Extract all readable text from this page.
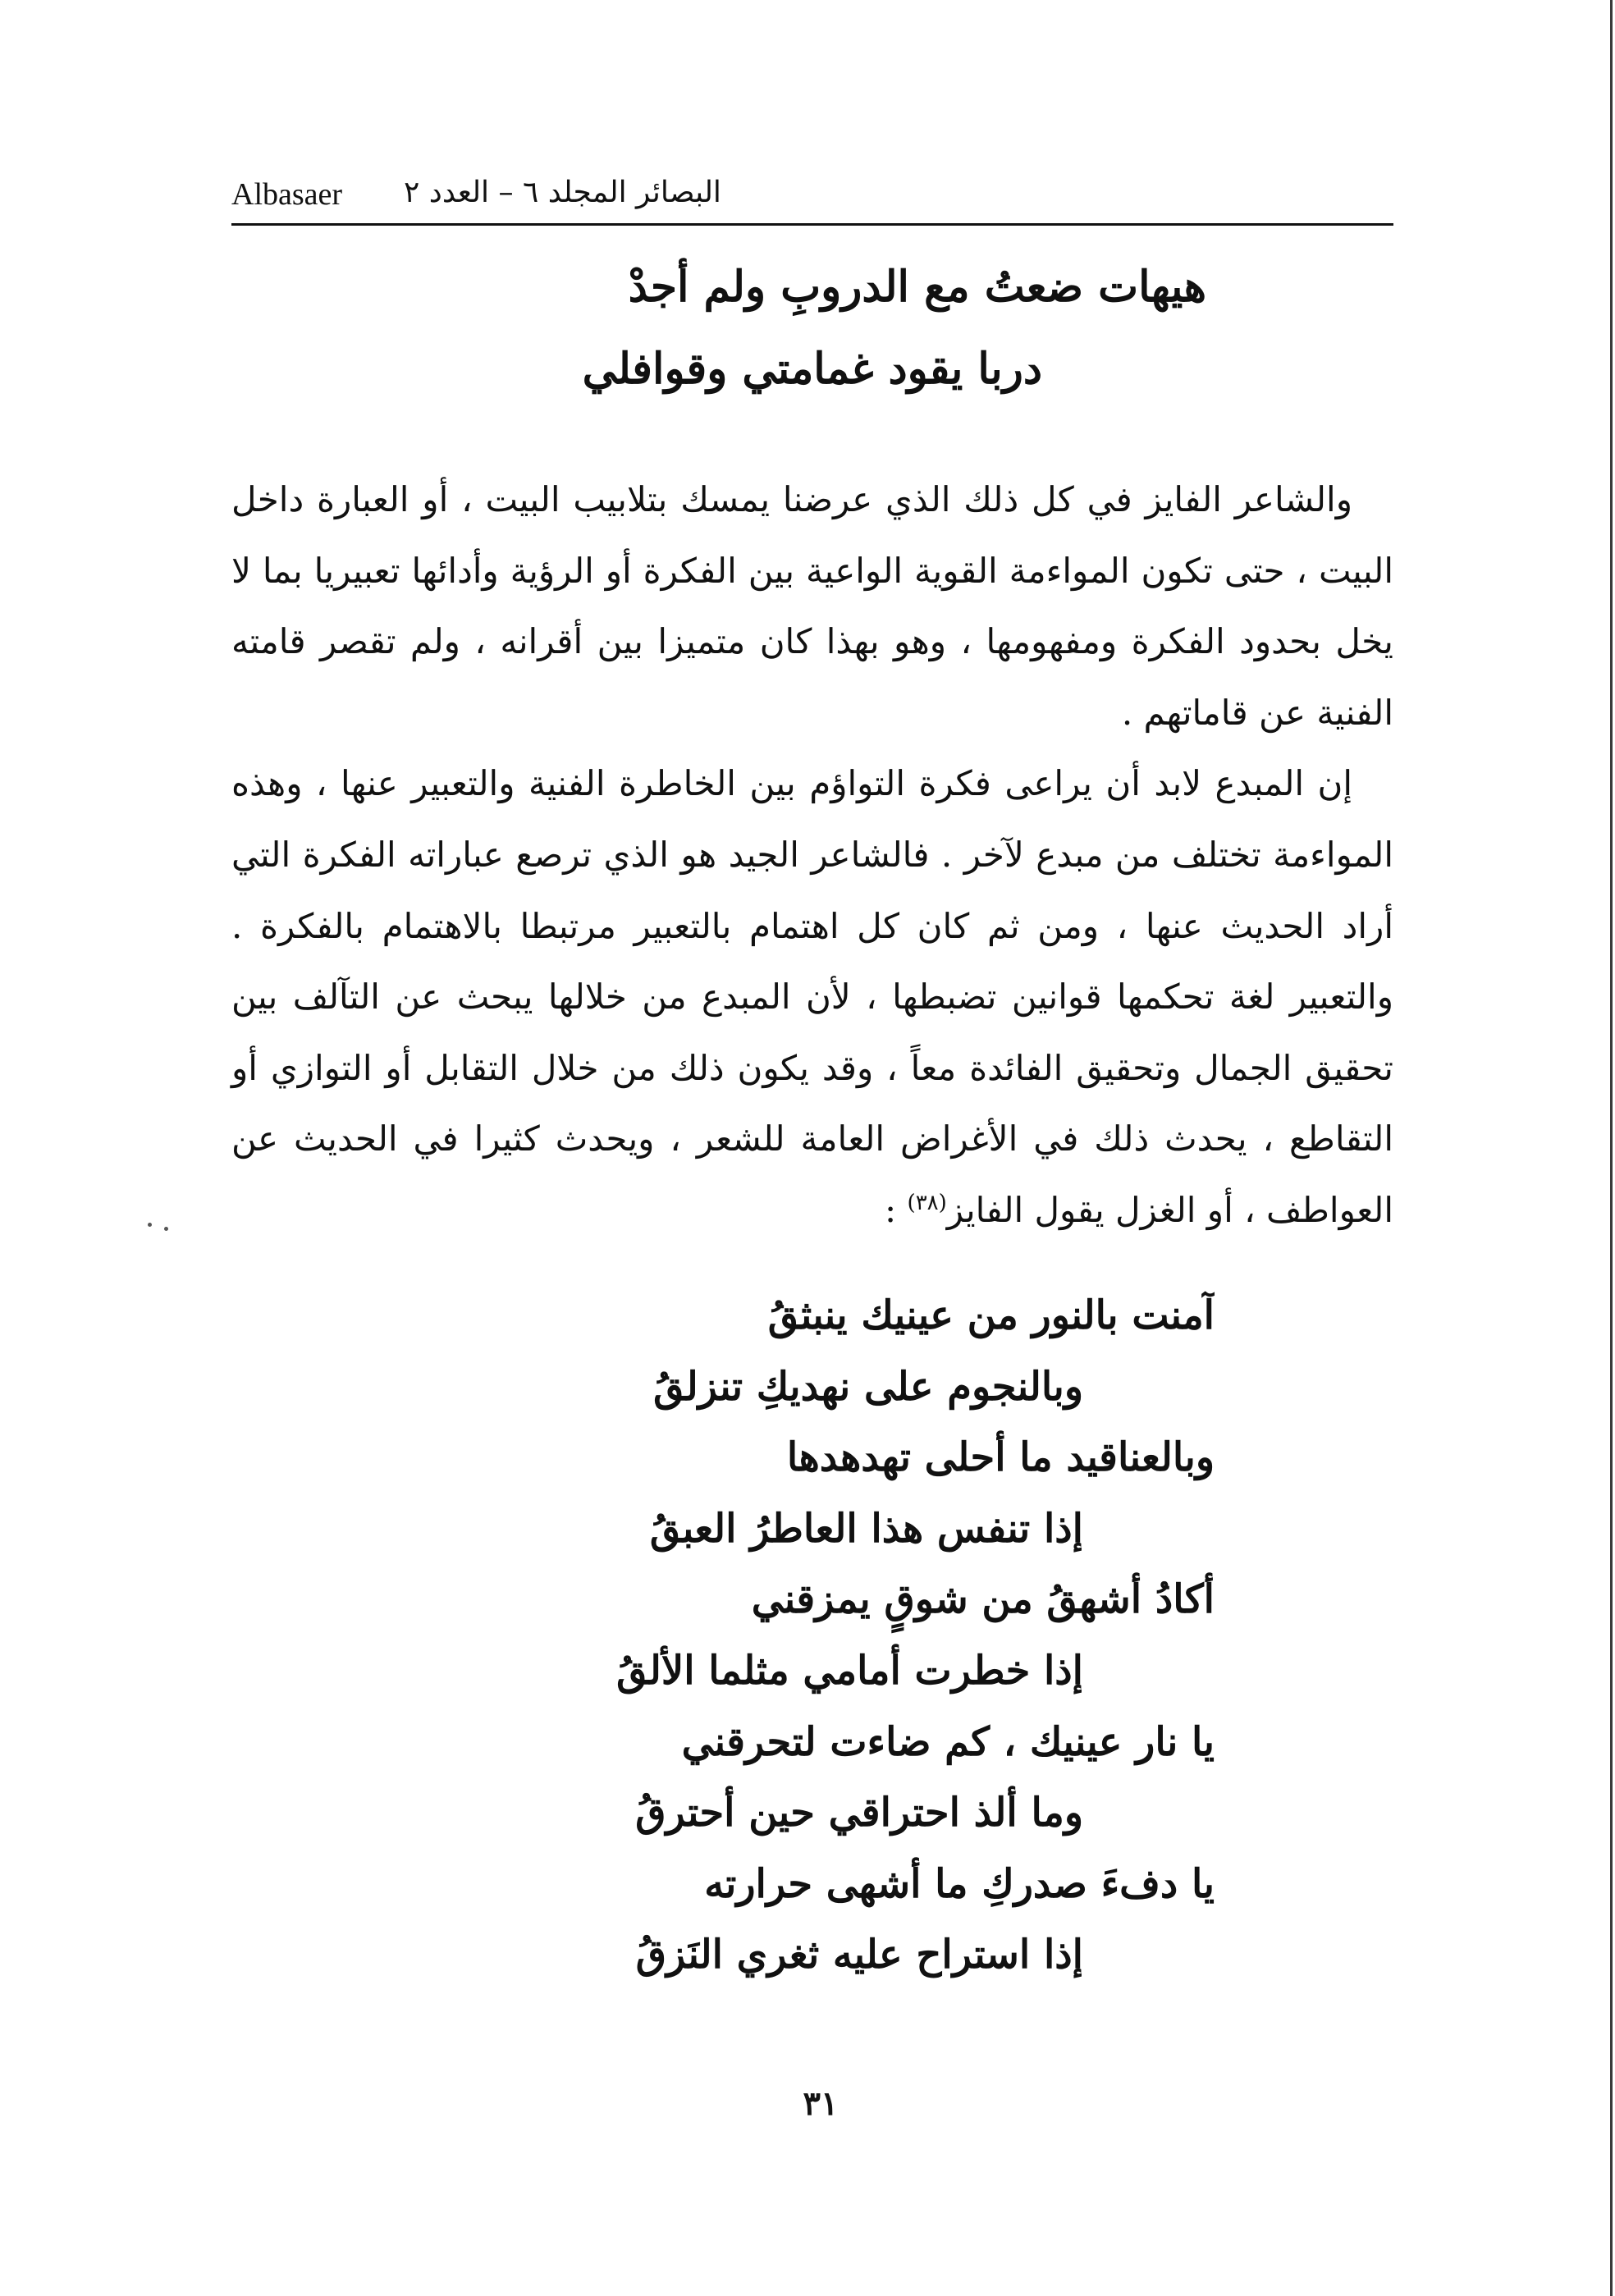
Albasaer البصائر المجلد ٦ – العدد ٢
هيهات ضعتُ مع الدروبِ ولم أجدْ
دربا يقود غمامتي وقوافلي

والشاعر الفايز في كل ذلك الذي عرضنا يمسك بتلابيب البيت ، أو العبارة داخل البيت ، حتى تكون المواءمة القوية الواعية بين الفكرة أو الرؤية وأدائها تعبيريا بما لا يخل بحدود الفكرة ومفهومها ، وهو بهذا كان متميزا بين أقرانه ، ولم تقصر قامته الفنية عن قاماتهم .

إن المبدع لابد أن يراعى فكرة التواؤم بين الخاطرة الفنية والتعبير عنها ، وهذه المواءمة تختلف من مبدع لآخر . فالشاعر الجيد هو الذي ترصع عباراته الفكرة التي أراد الحديث عنها ، ومن ثم كان كل اهتمام بالتعبير مرتبطا بالاهتمام بالفكرة . والتعبير لغة تحكمها قوانين تضبطها ، لأن المبدع من خلالها يبحث عن التآلف بين تحقيق الجمال وتحقيق الفائدة معاً ، وقد يكون ذلك من خلال التقابل أو التوازي أو التقاطع ، يحدث ذلك في الأغراض العامة للشعر ، ويحدث كثيرا في الحديث عن العواطف ، أو الغزل يقول الفايز$^{(٣٨)}$ :

آمنت بالنور من عينيك ينبثقُ
وبالنجوم على نهديكِ تنزلقُ
وبالعناقيد ما أحلى تهدهدها
إذا تنفس هذا العاطرُ العبقُ
أكادُ أشهقُ من شوقٍ يمزقني
إذا خطرت أمامي مثلما الألقُ
يا نار عينيك ، كم ضاءت لتحرقني
وما ألذ احتراقي حين أحترقُ
يا دفءَ صدركِ ما أشهى حرارته
إذا استراح عليه ثغري النَزقُ
٣١
